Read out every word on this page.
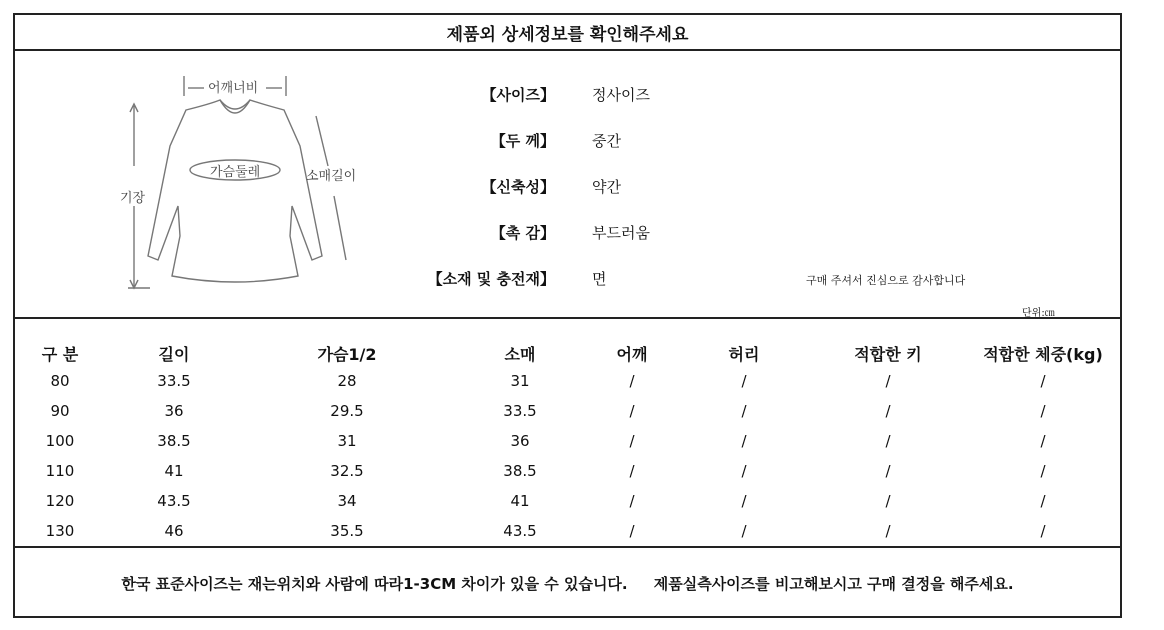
제품외 상세정보를 확인해주세요
어깨너비
가슴둘레
기장
소매길이
【사이즈】 정사이즈
【두 께】 중간
【신축성】 약간
【촉 감】 부드러움
【소재 및 충전재】 면	구매 주셔서 진심으로 감사합니다
단위:㎝
구 분	길이	가슴1/2	소매	어깨	허리	적합한 키	적합한 체중(kg)
80	33.5	28	31	/	/	/	/
90	36	29.5	33.5	/	/	/	/
100	38.5	31	36	/	/	/	/
110	41	32.5	38.5	/	/	/	/
120	43.5	34	41	/	/	/	/
130	46	35.5	43.5	/	/	/	/
한국 표준사이즈는 재는위치와 사람에 따라1-3CM 차이가 있을 수 있습니다.     제품실측사이즈를 비고해보시고 구매 결정을 해주세요.
